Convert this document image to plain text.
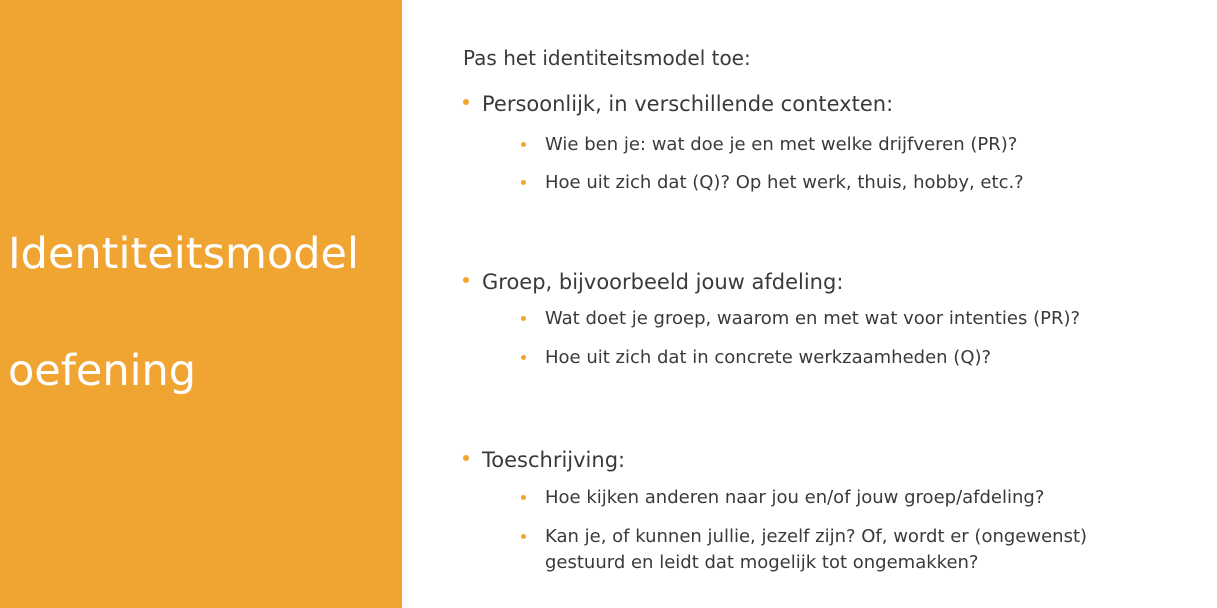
Identiteitsmodel
oefening
Pas het identiteitsmodel toe:
Persoonlijk, in verschillende contexten:
Wie ben je: wat doe je en met welke drijfveren (PR)?
Hoe uit zich dat (Q)? Op het werk, thuis, hobby, etc.?
Groep, bijvoorbeeld jouw afdeling:
Wat doet je groep, waarom en met wat voor intenties (PR)?
Hoe uit zich dat in concrete werkzaamheden (Q)?
Toeschrijving:
Hoe kijken anderen naar jou en/of jouw groep/afdeling?
Kan je, of kunnen jullie, jezelf zijn? Of, wordt er (ongewenst)
gestuurd en leidt dat mogelijk tot ongemakken?
